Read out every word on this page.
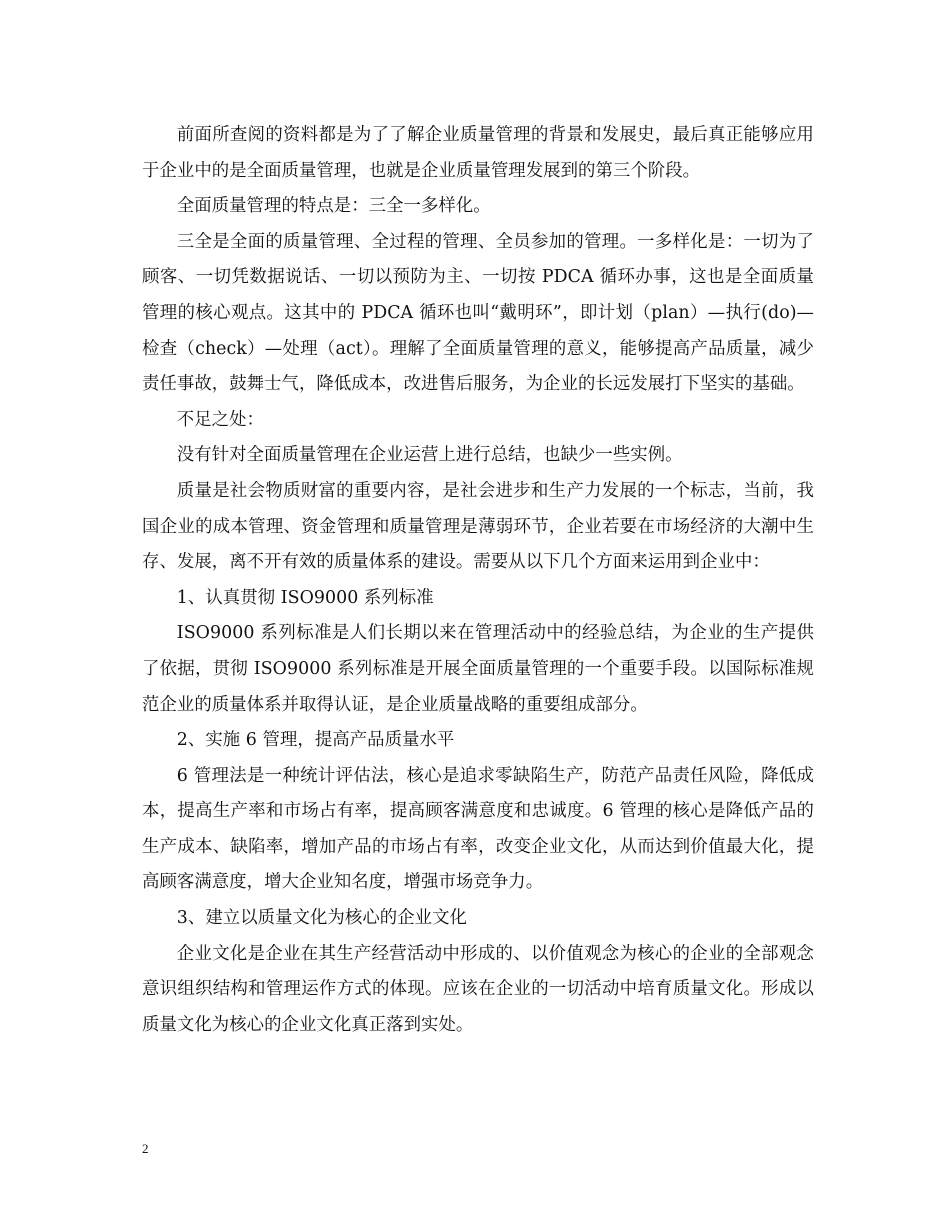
前面所查阅的资料都是为了了解企业质量管理的背景和发展史，最后真正能够应用于企业中的是全面质量管理，也就是企业质量管理发展到的第三个阶段。

全面质量管理的特点是：三全一多样化。

三全是全面的质量管理、全过程的管理、全员参加的管理。一多样化是：一切为了顾客、一切凭数据说话、一切以预防为主、一切按 PDCA 循环办事，这也是全面质量管理的核心观点。这其中的 PDCA 循环也叫“戴明环”，即计划（plan）—执行(do)—检查（check）—处理（act）。理解了全面质量管理的意义，能够提高产品质量，减少责任事故，鼓舞士气，降低成本，改进售后服务，为企业的长远发展打下坚实的基础。

不足之处：

没有针对全面质量管理在企业运营上进行总结，也缺少一些实例。

质量是社会物质财富的重要内容，是社会进步和生产力发展的一个标志，当前，我国企业的成本管理、资金管理和质量管理是薄弱环节，企业若要在市场经济的大潮中生存、发展，离不开有效的质量体系的建设。需要从以下几个方面来运用到企业中：

1、认真贯彻 ISO9000 系列标准

ISO9000 系列标准是人们长期以来在管理活动中的经验总结，为企业的生产提供了依据，贯彻 ISO9000 系列标准是开展全面质量管理的一个重要手段。以国际标准规范企业的质量体系并取得认证，是企业质量战略的重要组成部分。

2、实施 6 管理，提高产品质量水平

6 管理法是一种统计评估法，核心是追求零缺陷生产，防范产品责任风险，降低成本，提高生产率和市场占有率，提高顾客满意度和忠诚度。6 管理的核心是降低产品的生产成本、缺陷率，增加产品的市场占有率，改变企业文化，从而达到价值最大化，提高顾客满意度，增大企业知名度，增强市场竞争力。

3、建立以质量文化为核心的企业文化

企业文化是企业在其生产经营活动中形成的、以价值观念为核心的企业的全部观念意识组织结构和管理运作方式的体现。应该在企业的一切活动中培育质量文化。形成以质量文化为核心的企业文化真正落到实处。

2
